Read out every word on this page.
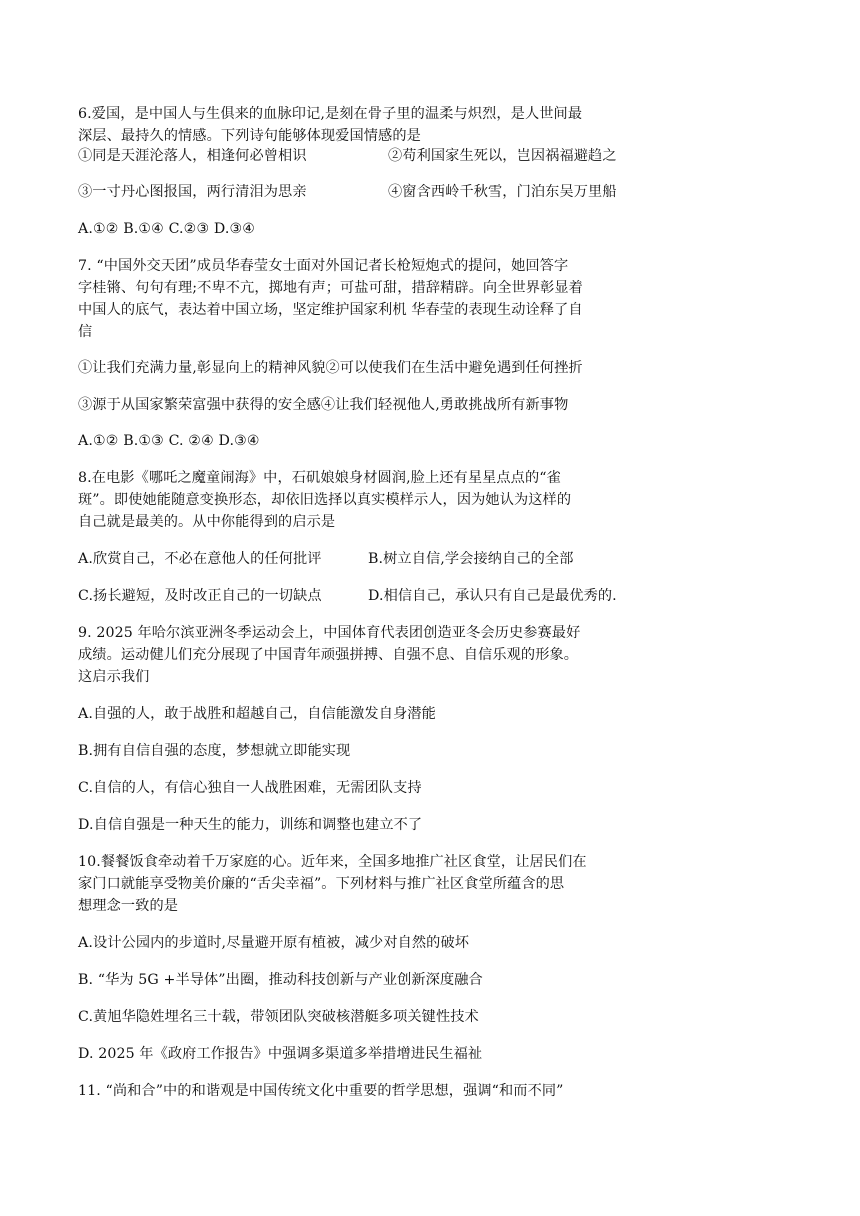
6.爱国，是中国人与生俱来的血脉印记,是刻在骨子里的温柔与炽烈，是人世间最
深层、最持久的情感。下列诗句能够体现爱国情感的是
①同是天涯沦落人，相逢何必曾相识	②苟利国家生死以，岂因祸福避趋之
③一寸丹心图报国，两行清泪为思亲	④窗含西岭千秋雪，门泊东吴万里船
A.①② B.①④ C.②③ D.③④
7. “中国外交天团”成员华春莹女士面对外国记者长枪短炮式的提问，她回答字
字桂锵、句句有理;不卑不亢，掷地有声；可盐可甜，措辞精辟。向全世界彰显着
中国人的底气，表达着中国立场，坚定维护国家利机 华春莹的表现生动诠释了自
信
①让我们充满力量,彰显向上的精神风貌②可以使我们在生活中避免遇到任何挫折
③源于从国家繁荣富强中获得的安全感④让我们轻视他人,勇敢挑战所有新事物
A.①② B.①③ C. ②④ D.③④
8.在电影《哪吒之魔童闹海》中，石矶娘娘身材圆润,脸上还有星星点点的“雀
斑”。即使她能随意变换形态，却依旧选择以真实模样示人，因为她认为这样的
自己就是最美的。从中你能得到的启示是
A.欣赏自己，不必在意他人的任何批评	B.树立自信,学会接纳自己的全部
C.扬长避短，及时改正自己的一切缺点	D.相信自己，承认只有自己是最优秀的.
9. 2025 年哈尔滨亚洲冬季运动会上，中国体育代表团创造亚冬会历史参赛最好
成绩。运动健儿们充分展现了中国青年顽强拼搏、自强不息、自信乐观的形象。
这启示我们
A.自强的人，敢于战胜和超越自己，自信能激发自身潜能
B.拥有自信自强的态度，梦想就立即能实现
C.自信的人，有信心独自一人战胜困难，无需团队支持
D.自信自强是一种天生的能力，训练和调整也建立不了
10.餐餐饭食牵动着千万家庭的心。近年来，全国多地推广社区食堂，让居民们在
家门口就能享受物美价廉的“舌尖幸福”。下列材料与推广社区食堂所蕴含的思
想理念一致的是
A.设计公园内的步道时,尽量避开原有植被，减少对自然的破坏
B. “华为 5G +半导体”出圈，推动科技创新与产业创新深度融合
C.黄旭华隐姓埋名三十载，带领团队突破核潜艇多项关键性技术
D. 2025 年《政府工作报告》中强调多渠道多举措增进民生福祉
11. “尚和合”中的和谐观是中国传统文化中重要的哲学思想，强调“和而不同”
